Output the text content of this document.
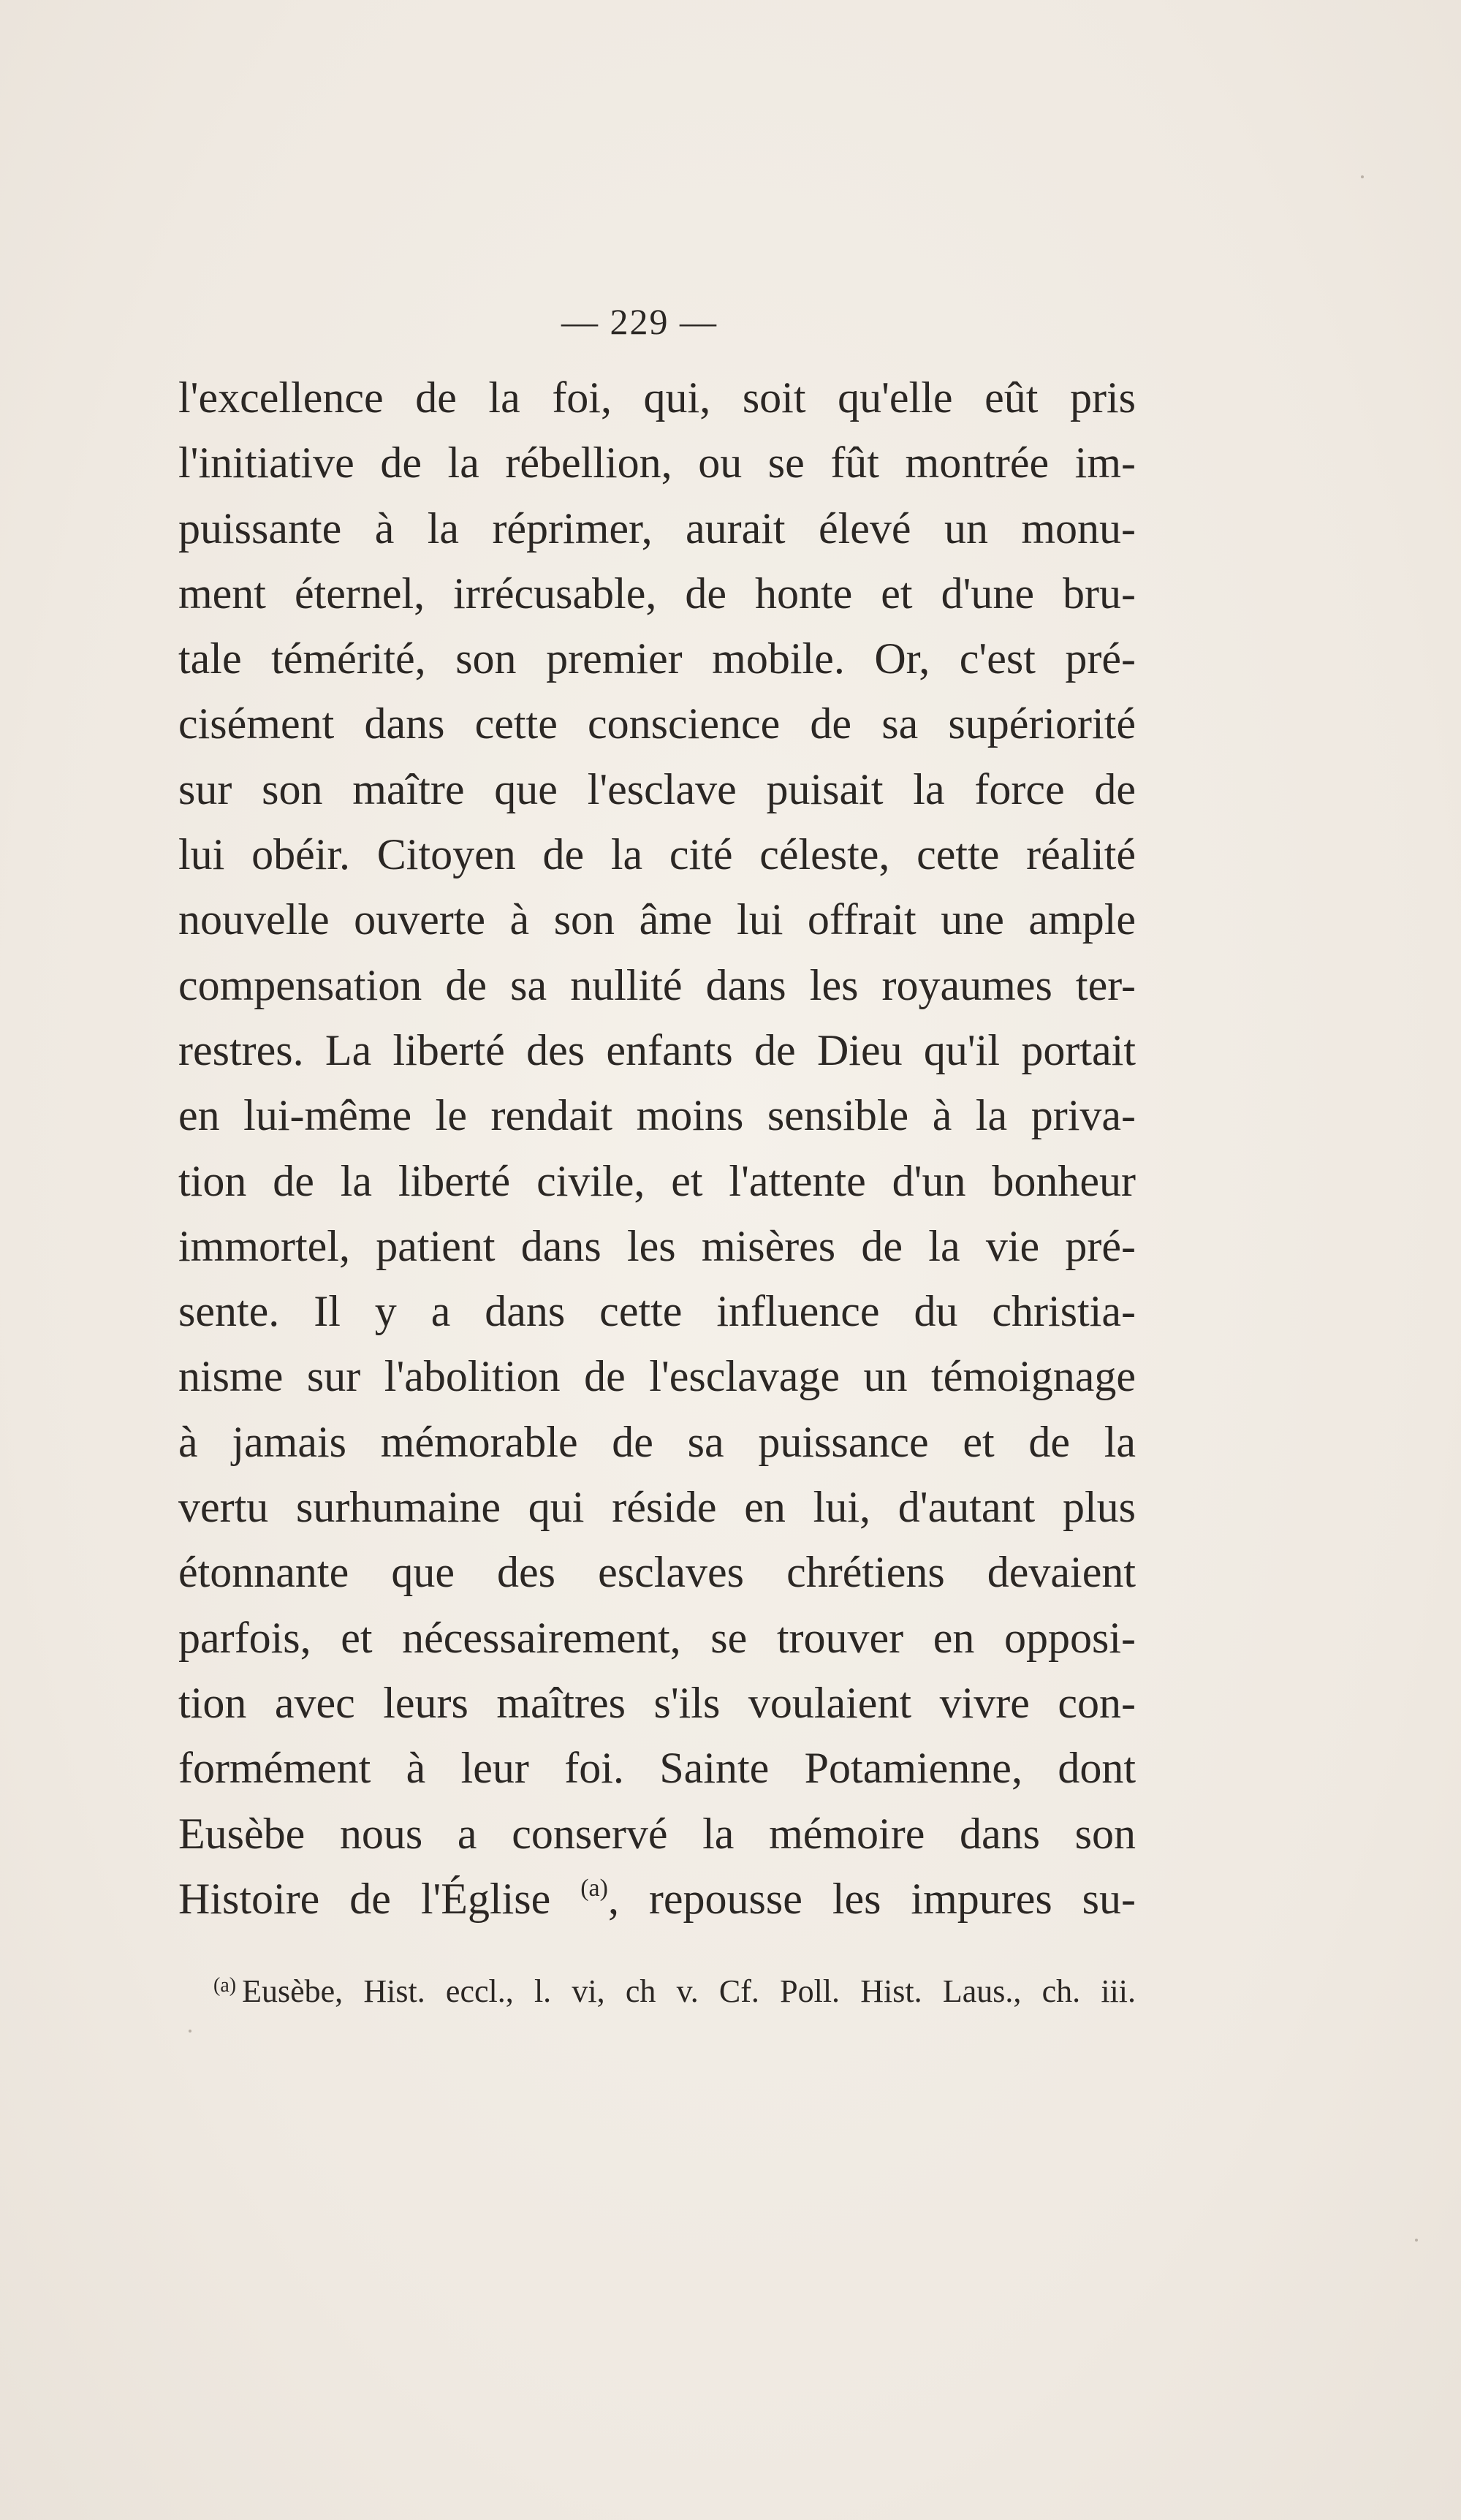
— 229 —
l'excellence de la foi, qui, soit qu'elle eût pris
l'initiative de la rébellion, ou se fût montrée im-
puissante à la réprimer, aurait élevé un monu-
ment éternel, irrécusable, de honte et d'une bru-
tale témérité, son premier mobile. Or, c'est pré-
cisément dans cette conscience de sa supériorité
sur son maître que l'esclave puisait la force de
lui obéir. Citoyen de la cité céleste, cette réalité
nouvelle ouverte à son âme lui offrait une ample
compensation de sa nullité dans les royaumes ter-
restres. La liberté des enfants de Dieu qu'il portait
en lui-même le rendait moins sensible à la priva-
tion de la liberté civile, et l'attente d'un bonheur
immortel, patient dans les misères de la vie pré-
sente. Il y a dans cette influence du christia-
nisme sur l'abolition de l'esclavage un témoignage
à jamais mémorable de sa puissance et de la
vertu surhumaine qui réside en lui, d'autant plus
étonnante que des esclaves chrétiens devaient
parfois, et nécessairement, se trouver en opposi-
tion avec leurs maîtres s'ils voulaient vivre con-
formément à leur foi. Sainte Potamienne, dont
Eusèbe nous a conservé la mémoire dans son
Histoire de l'Église $^{(a)}$, repousse les impures su-
$^{(a)}$ Eusèbe, Hist. eccl., l. vi, ch v. Cf. Poll. Hist. Laus., ch. iii.
